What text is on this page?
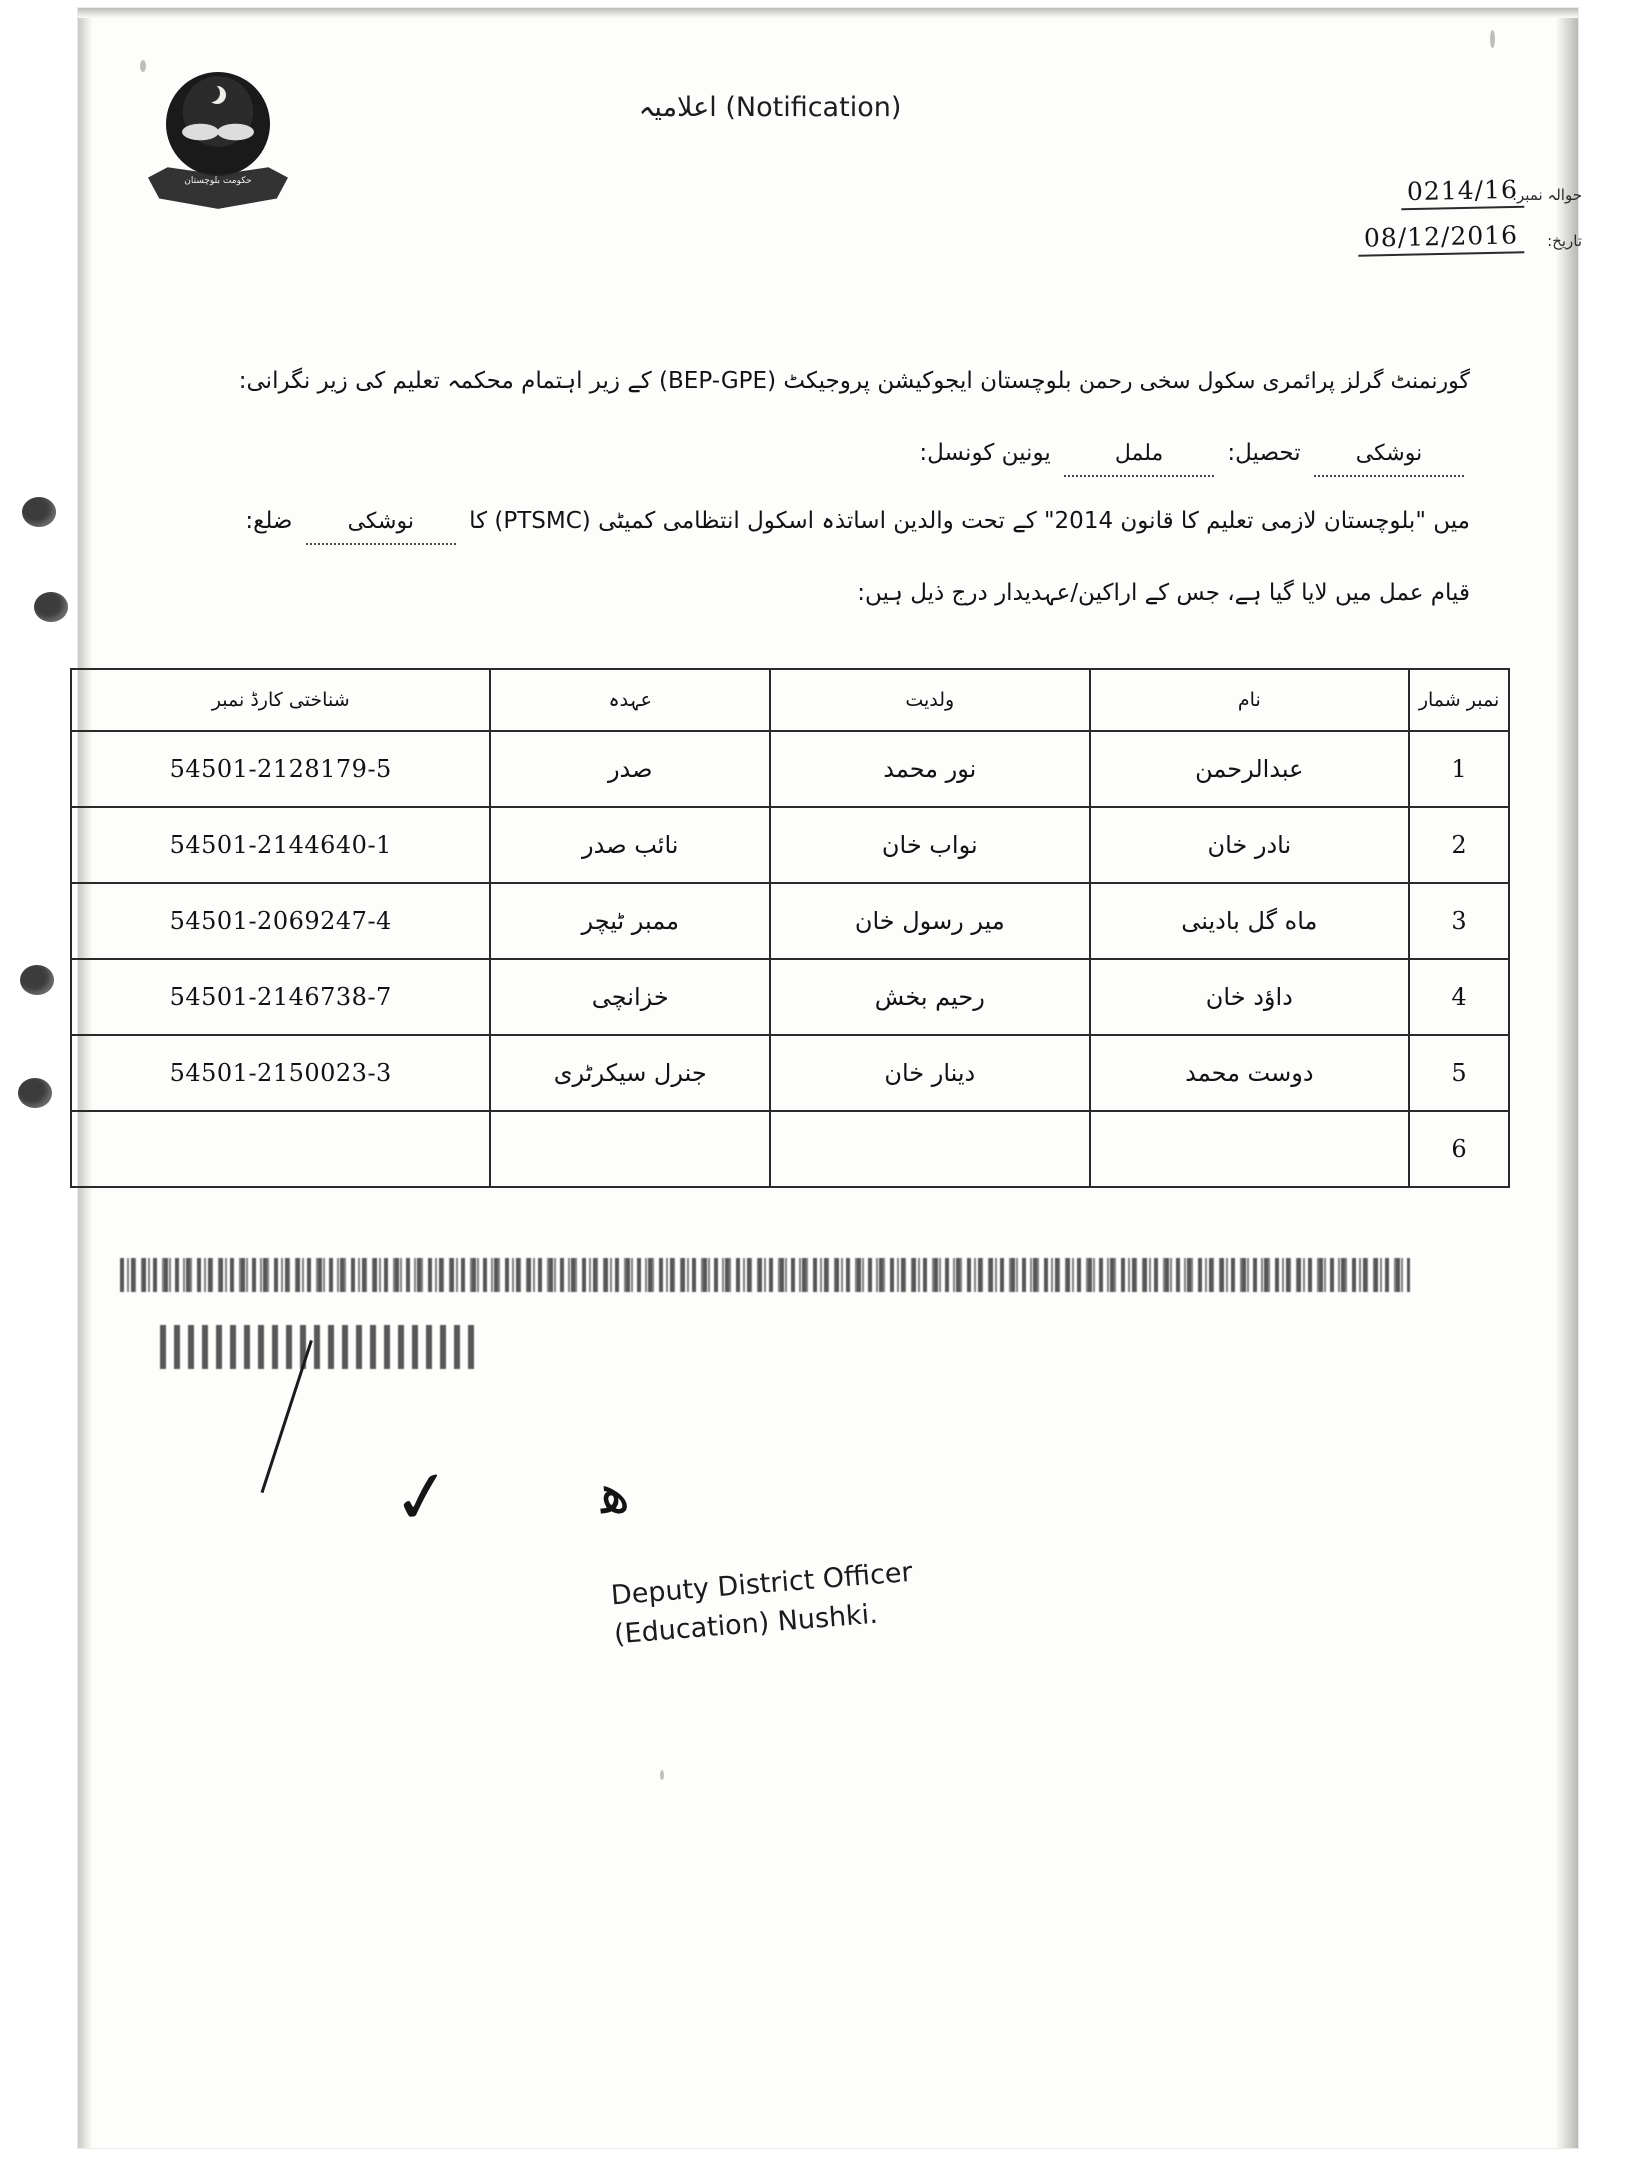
حکومت بلوچستان
(Notification) اعلامیہ
حوالہ نمبر:
0214/16
تاریخ:
08/12/2016
گورنمنٹ گرلز پرائمری سکول سخی رحمن بلوچستان ایجوکیشن پروجیکٹ (BEP-GPE) کے زیر اہتمام محکمہ تعلیم کی زیر نگرانی:
نوشکی تحصیل: ململ یونین کونسل:
میں "بلوچستان لازمی تعلیم کا قانون 2014" کے تحت والدین اساتذہ اسکول انتظامی کمیٹی (PTSMC) کا نوشکی ضلع:
قیام عمل میں لایا گیا ہے، جس کے اراکین/عہدیدار درج ذیل ہیں:
نمبر شمار	نام	ولدیت	عہدہ	شناختی کارڈ نمبر
1	عبدالرحمن	نور محمد	صدر	54501-2128179-5
2	نادر خان	نواب خان	نائب صدر	54501-2144640-1
3	ماه گل بادینی	میر رسول خان	ممبر ٹیچر	54501-2069247-4
4	داؤد خان	رحیم بخش	خزانچی	54501-2146738-7
5	دوست محمد	دینار خان	جنرل سیکرٹری	54501-2150023-3
6				
✓ ﮬ
Deputy District Officer
(Education) Nushki.
